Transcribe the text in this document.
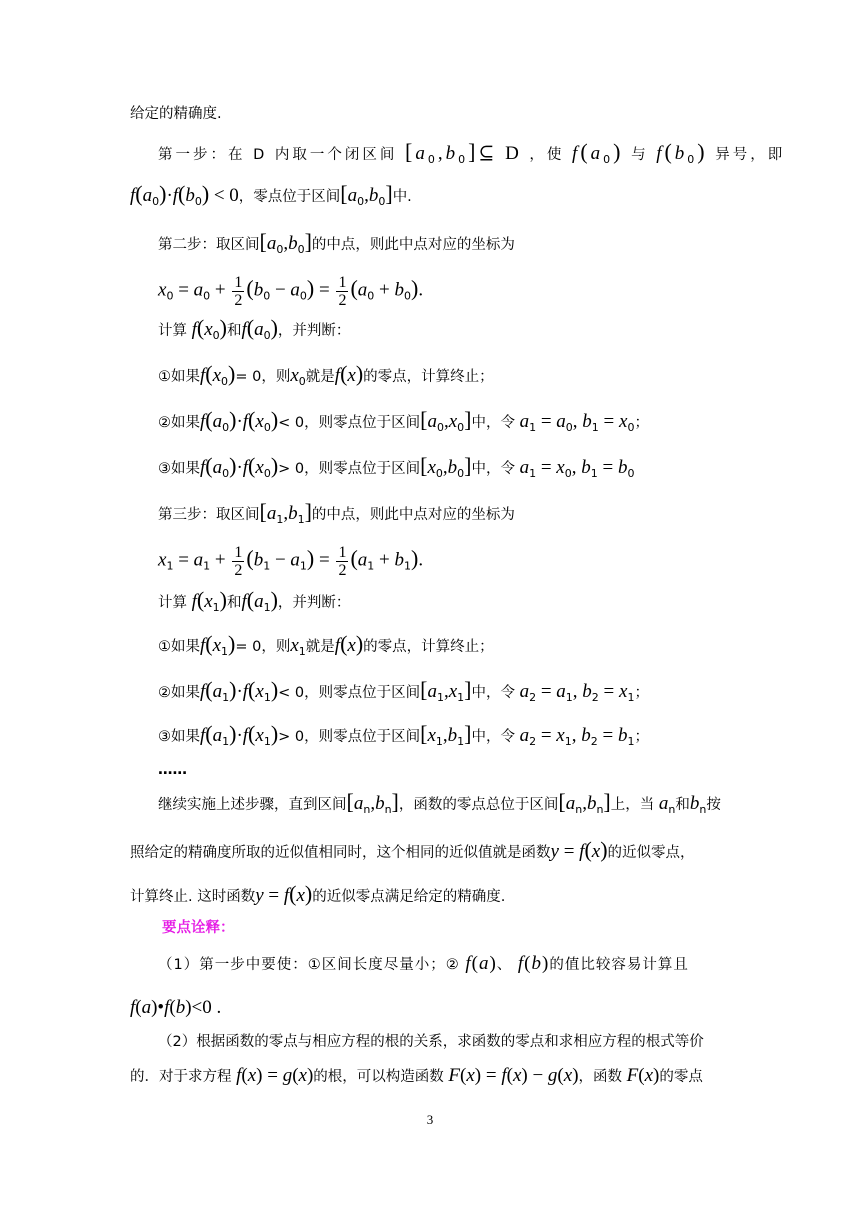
给定的精确度.
第一步：在 D 内取一个闭区间 $[a_0,b_0]⊆$ D ，使 $f(a_0)$ 与 $f(b_0)$ 异号，即
$f(a_0)\cdot f(b_0) < 0$，零点位于区间$[a_0,b_0]$中.
第二步：取区间$[a_0,b_0]$的中点，则此中点对应的坐标为
$x_0 = a_0 + \frac{1}{2} (b_0 - a_0) = \frac{1}{2} (a_0 + b_0)$.
计算 $f(x_0)$和$f(a_0)$，并判断：
①如果$f(x_0)= 0$，则$x_0$就是f(x)的零点，计算终止；
②如果$f(a_0)\cdot f(x_0)< 0$，则零点位于区间$[a_0,x_0]$中，令 $a_1 = a_0$, $b_1 = x_0$；
③如果$f(a_0)\cdot f(x_0)> 0$，则零点位于区间$[x_0,b_0]$中，令 $a_1 = x_0$, $b_1 = b_0$
第三步：取区间$[a_1,b_1]$的中点，则此中点对应的坐标为
$x_1 = a_1 + \frac{1}{2} (b_1 - a_1) = \frac{1}{2} (a_1 + b_1)$.
计算 $f(x_1)$和$f(a_1)$，并判断：
①如果$f(x_1)= 0$，则$x_1$就是f(x)的零点，计算终止；
②如果$f(a_1)\cdot f(x_1)< 0$，则零点位于区间$[a_1,x_1]$中，令 $a_2 = a_1$, $b_2 = x_1$；
③如果$f(a_1)\cdot f(x_1)> 0$，则零点位于区间$[x_1,b_1]$中，令 $a_2 = x_1$, $b_2 = b_1$；
……
继续实施上述步骤，直到区间$[a_n,b_n]$，函数的零点总位于区间$[a_n,b_n]$上，当 $a_n$和$b_n$按
照给定的精确度所取的近似值相同时，这个相同的近似值就是函数y = f(x)的近似零点，
计算终止. 这时函数y = f(x)的近似零点满足给定的精确度.
要点诠释：
（1）第一步中要使：①区间长度尽量小；② f(a)、 f(b)的值比较容易计算且
f(a)•f(b)<0 .
（2）根据函数的零点与相应方程的根的关系，求函数的零点和求相应方程的根式等价
的．对于求方程 f(x) = g(x)的根，可以构造函数 F(x) = f(x) − g(x)，函数 F(x)的零点
3
